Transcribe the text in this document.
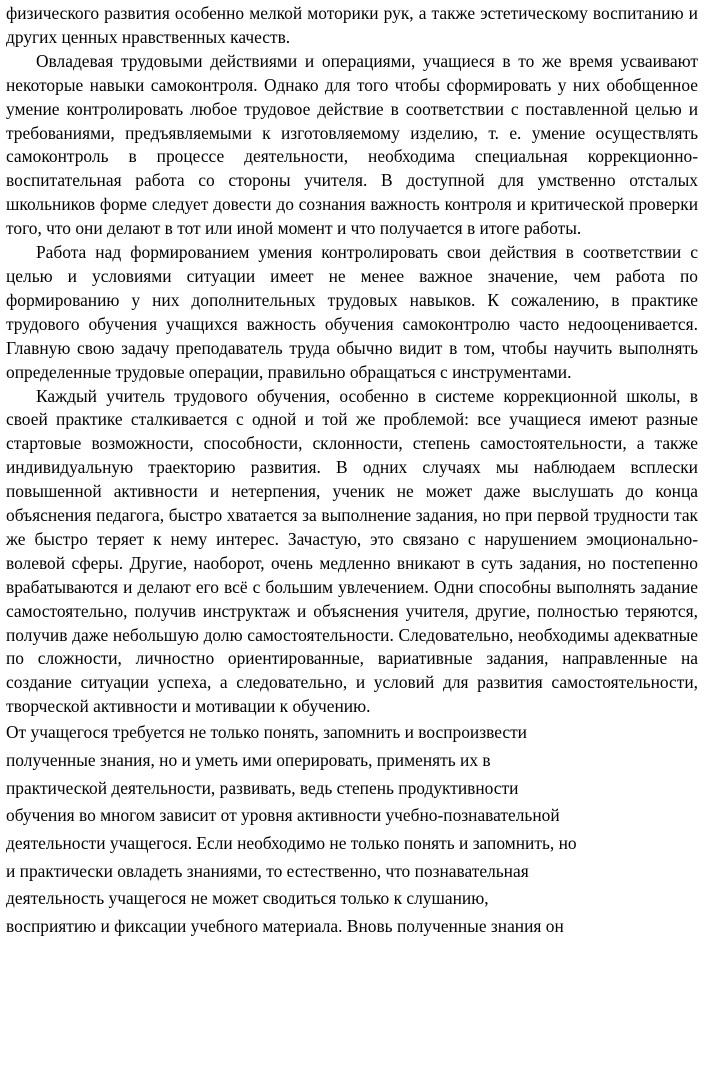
физического развития особенно мелкой моторики рук, а также эстетическому воспитанию и других ценных нравственных качеств.

Овладевая трудовыми действиями и операциями, учащиеся в то же время усваивают некоторые навыки самоконтроля. Однако для того чтобы сформировать у них обобщенное умение контролировать любое трудовое действие в соответствии с поставленной целью и требованиями, предъявляемыми к изготовляемому изделию, т. е. умение осуществлять самоконтроль в процессе деятельности, необходима специальная коррекционно-воспитательная работа со стороны учителя. В доступной для умственно отсталых школьников форме следует довести до сознания важность контроля и критической проверки того, что они делают в тот или иной момент и что получается в итоге работы.

Работа над формированием умения контролировать свои действия в соответствии с целью и условиями ситуации имеет не менее важное значение, чем работа по формированию у них дополнительных трудовых навыков. К сожалению, в практике трудового обучения учащихся важность обучения самоконтролю часто недооценивается. Главную свою задачу преподаватель труда обычно видит в том, чтобы научить выполнять определенные трудовые операции, правильно обращаться с инструментами.

Каждый учитель трудового обучения, особенно в системе коррекционной школы, в своей практике сталкивается с одной и той же проблемой: все учащиеся имеют разные стартовые возможности, способности, склонности, степень самостоятельности, а также индивидуальную траекторию развития. В одних случаях мы наблюдаем всплески повышенной активности и нетерпения, ученик не может даже выслушать до конца объяснения педагога, быстро хватается за выполнение задания, но при первой трудности так же быстро теряет к нему интерес. Зачастую, это связано с нарушением эмоционально-волевой сферы. Другие, наоборот, очень медленно вникают в суть задания, но постепенно врабатываются и делают его всё с большим увлечением. Одни способны выполнять задание самостоятельно, получив инструктаж и объяснения учителя, другие, полностью теряются, получив даже небольшую долю самостоятельности. Следовательно, необходимы адекватные по сложности, личностно ориентированные, вариативные задания, направленные на создание ситуации успеха, а следовательно, и условий для развития самостоятельности, творческой активности и мотивации к обучению.

От учащегося требуется не только понять, запомнить и воспроизвести

полученные знания, но и уметь ими оперировать, применять их в

практической деятельности, развивать, ведь степень продуктивности

обучения во многом зависит от уровня активности учебно-познавательной

деятельности учащегося. Если необходимо не только понять и запомнить, но

и практически овладеть знаниями, то естественно, что познавательная

деятельность учащегося не может сводиться только к слушанию,

восприятию и фиксации учебного материала. Вновь полученные знания он
